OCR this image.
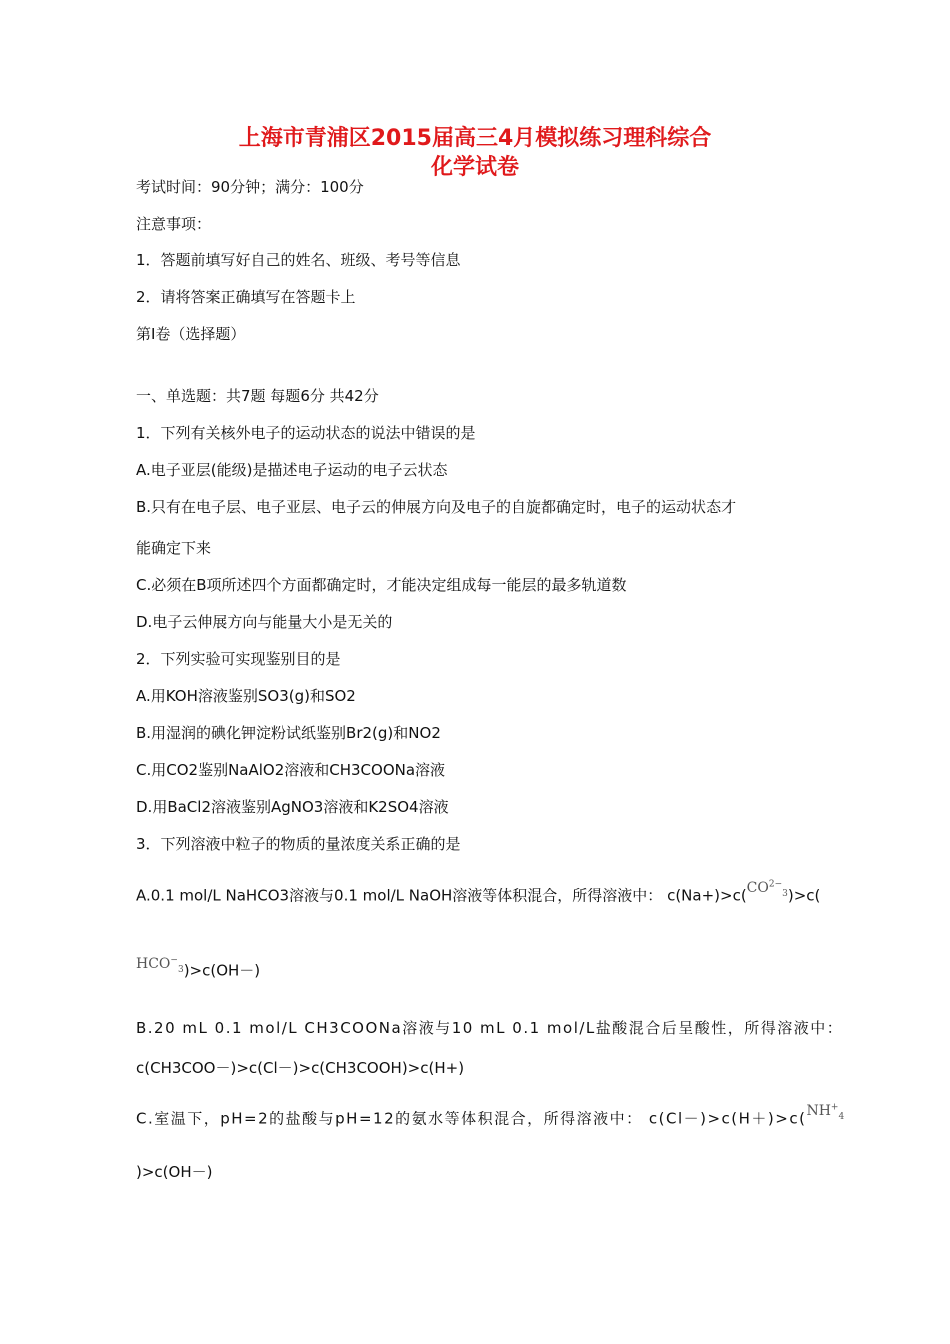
上海市青浦区2015届高三4月模拟练习理科综合
化学试卷
考试时间：90分钟；满分：100分
注意事项：
1．答题前填写好自己的姓名、班级、考号等信息
2．请将答案正确填写在答题卡上
第I卷（选择题）
一、单选题：共7题 每题6分 共42分
1．下列有关核外电子的运动状态的说法中错误的是
A.电子亚层(能级)是描述电子运动的电子云状态
B.只有在电子层、电子亚层、电子云的伸展方向及电子的自旋都确定时，电子的运动状态才
能确定下来
C.必须在B项所述四个方面都确定时，才能决定组成每一能层的最多轨道数
D.电子云伸展方向与能量大小是无关的
2．下列实验可实现鉴别目的是
A.用KOH溶液鉴别SO3(g)和SO2
B.用湿润的碘化钾淀粉试纸鉴别Br2(g)和NO2
C.用CO2鉴别NaAlO2溶液和CH3COONa溶液
D.用BaCl2溶液鉴别AgNO3溶液和K2SO4溶液
3．下列溶液中粒子的物质的量浓度关系正确的是
A.0.1 mol/L NaHCO3溶液与0.1 mol/L NaOH溶液等体积混合，所得溶液中： $c(Na+)>c(CO^{2-}_3)>c$(
$HCO^-_3)>c(OH-)$
B.20 mL 0.1 mol/L CH3COONa溶液与10 mL 0.1 mol/L盐酸混合后呈酸性，所得溶液中：
c(CH3COO－)>c(Cl－)>c(CH3COOH)>c(H+)
C.室温下，pH=2的盐酸与pH=12的氨水等体积混合，所得溶液中： $c(Cl-)>c(H+)>c(NH^+_4$
)>c(OH－)
